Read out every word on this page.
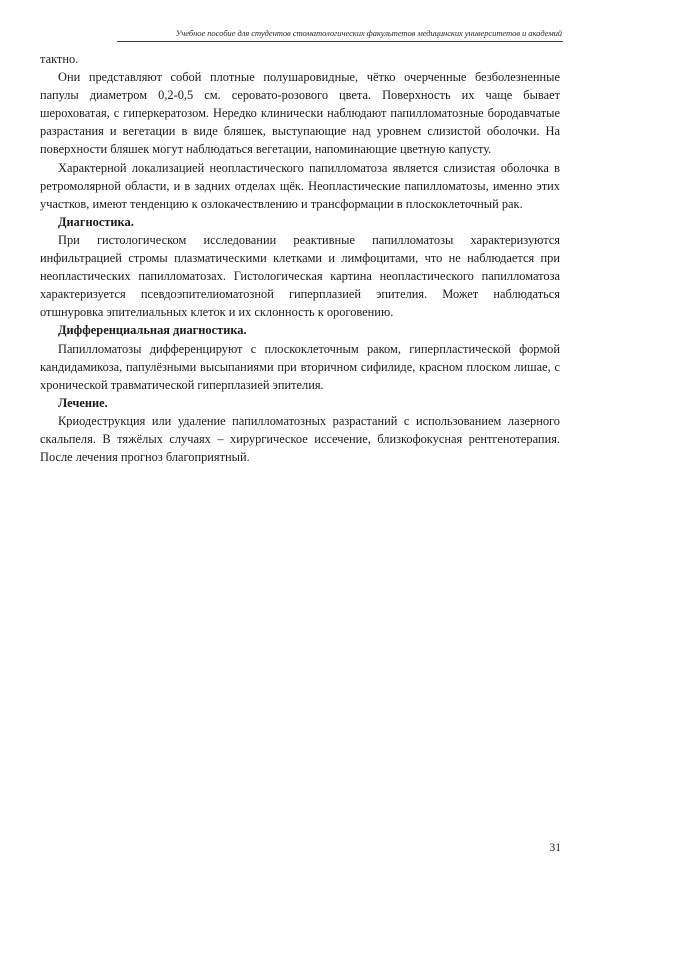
Учебное пособие для студентов стоматологических факультетов медицинских университетов и академий

тактно.

Они представляют собой плотные полушаровидные, чётко очерченные безболезненные папулы диаметром 0,2-0,5 см. серовато-розового цвета. Поверхность их чаще бывает шероховатая, с гиперкератозом. Нередко клинически наблюдают папилломатозные бородавчатые разрастания и вегетации в виде бляшек, выступающие над уровнем слизистой оболочки. На поверхности бляшек могут наблюдаться вегетации, напоминающие цветную капусту.

Характерной локализацией неопластического папилломатоза является слизистая оболочка в ретромолярной области, и в задних отделах щёк. Неопластические папилломатозы, именно этих участков, имеют тенденцию к озлокачествлению и трансформации в плоскоклеточный рак.

Диагностика.

При гистологическом исследовании реактивные папилломатозы характеризуются инфильтрацией стромы плазматическими клетками и лимфоцитами, что не наблюдается при неопластических папилломатозах. Гистологическая картина неопластического папилломатоза характеризуется псевдоэпителиоматозной гиперплазией эпителия. Может наблюдаться отшнуровка эпителиальных клеток и их склонность к ороговению.

Дифференциальная диагностика.

Папилломатозы дифференцируют с плоскоклеточным раком, гиперпластической формой кандидамикоза, папулёзными высыпаниями при вторичном сифилиде, красном плоском лишае, с хронической травматической гиперплазией эпителия.

Лечение.

Криодеструкция или удаление папилломатозных разрастаний с использованием лазерного скальпеля. В тяжёлых случаях – хирургическое иссечение, близкофокусная рентгенотерапия. После лечения прогноз благоприятный.

31
